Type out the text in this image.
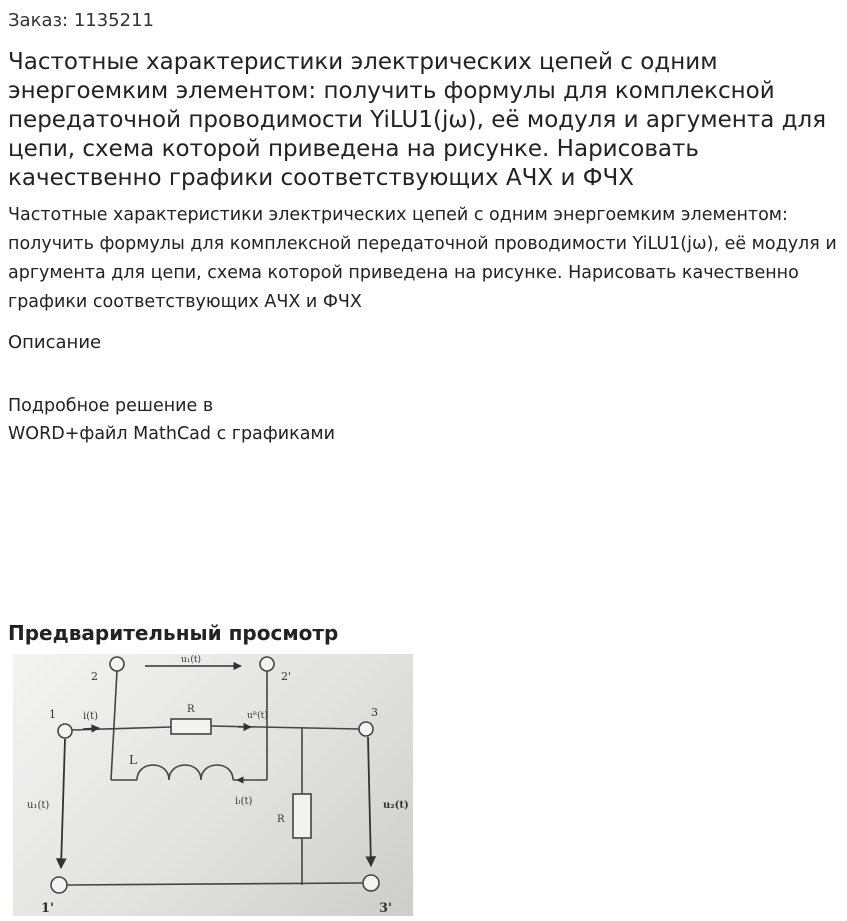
Заказ: 1135211
Частотные характеристики электрических цепей с одним энергоемким элементом: получить формулы для комплексной передаточной проводимости YiLU1(jω), её модуля и аргумента для цепи, схема которой приведена на рисунке. Нарисовать качественно графики соответствующих АЧХ и ФЧХ
Частотные характеристики электрических цепей с одним энергоемким элементом: получить формулы для комплексной передаточной проводимости YiLU1(jω), её модуля и аргумента для цепи, схема которой приведена на рисунке. Нарисовать качественно графики соответствующих АЧХ и ФЧХ
Описание
Подробное решение в
WORD+файл MathCad с графиками
Предварительный просмотр
2	2'
u₁(t)
1	i(t)
R
uᴿ(t)	3
L
iₗ(t)
R
u₁(t)	u₂(t)
1'	3'
